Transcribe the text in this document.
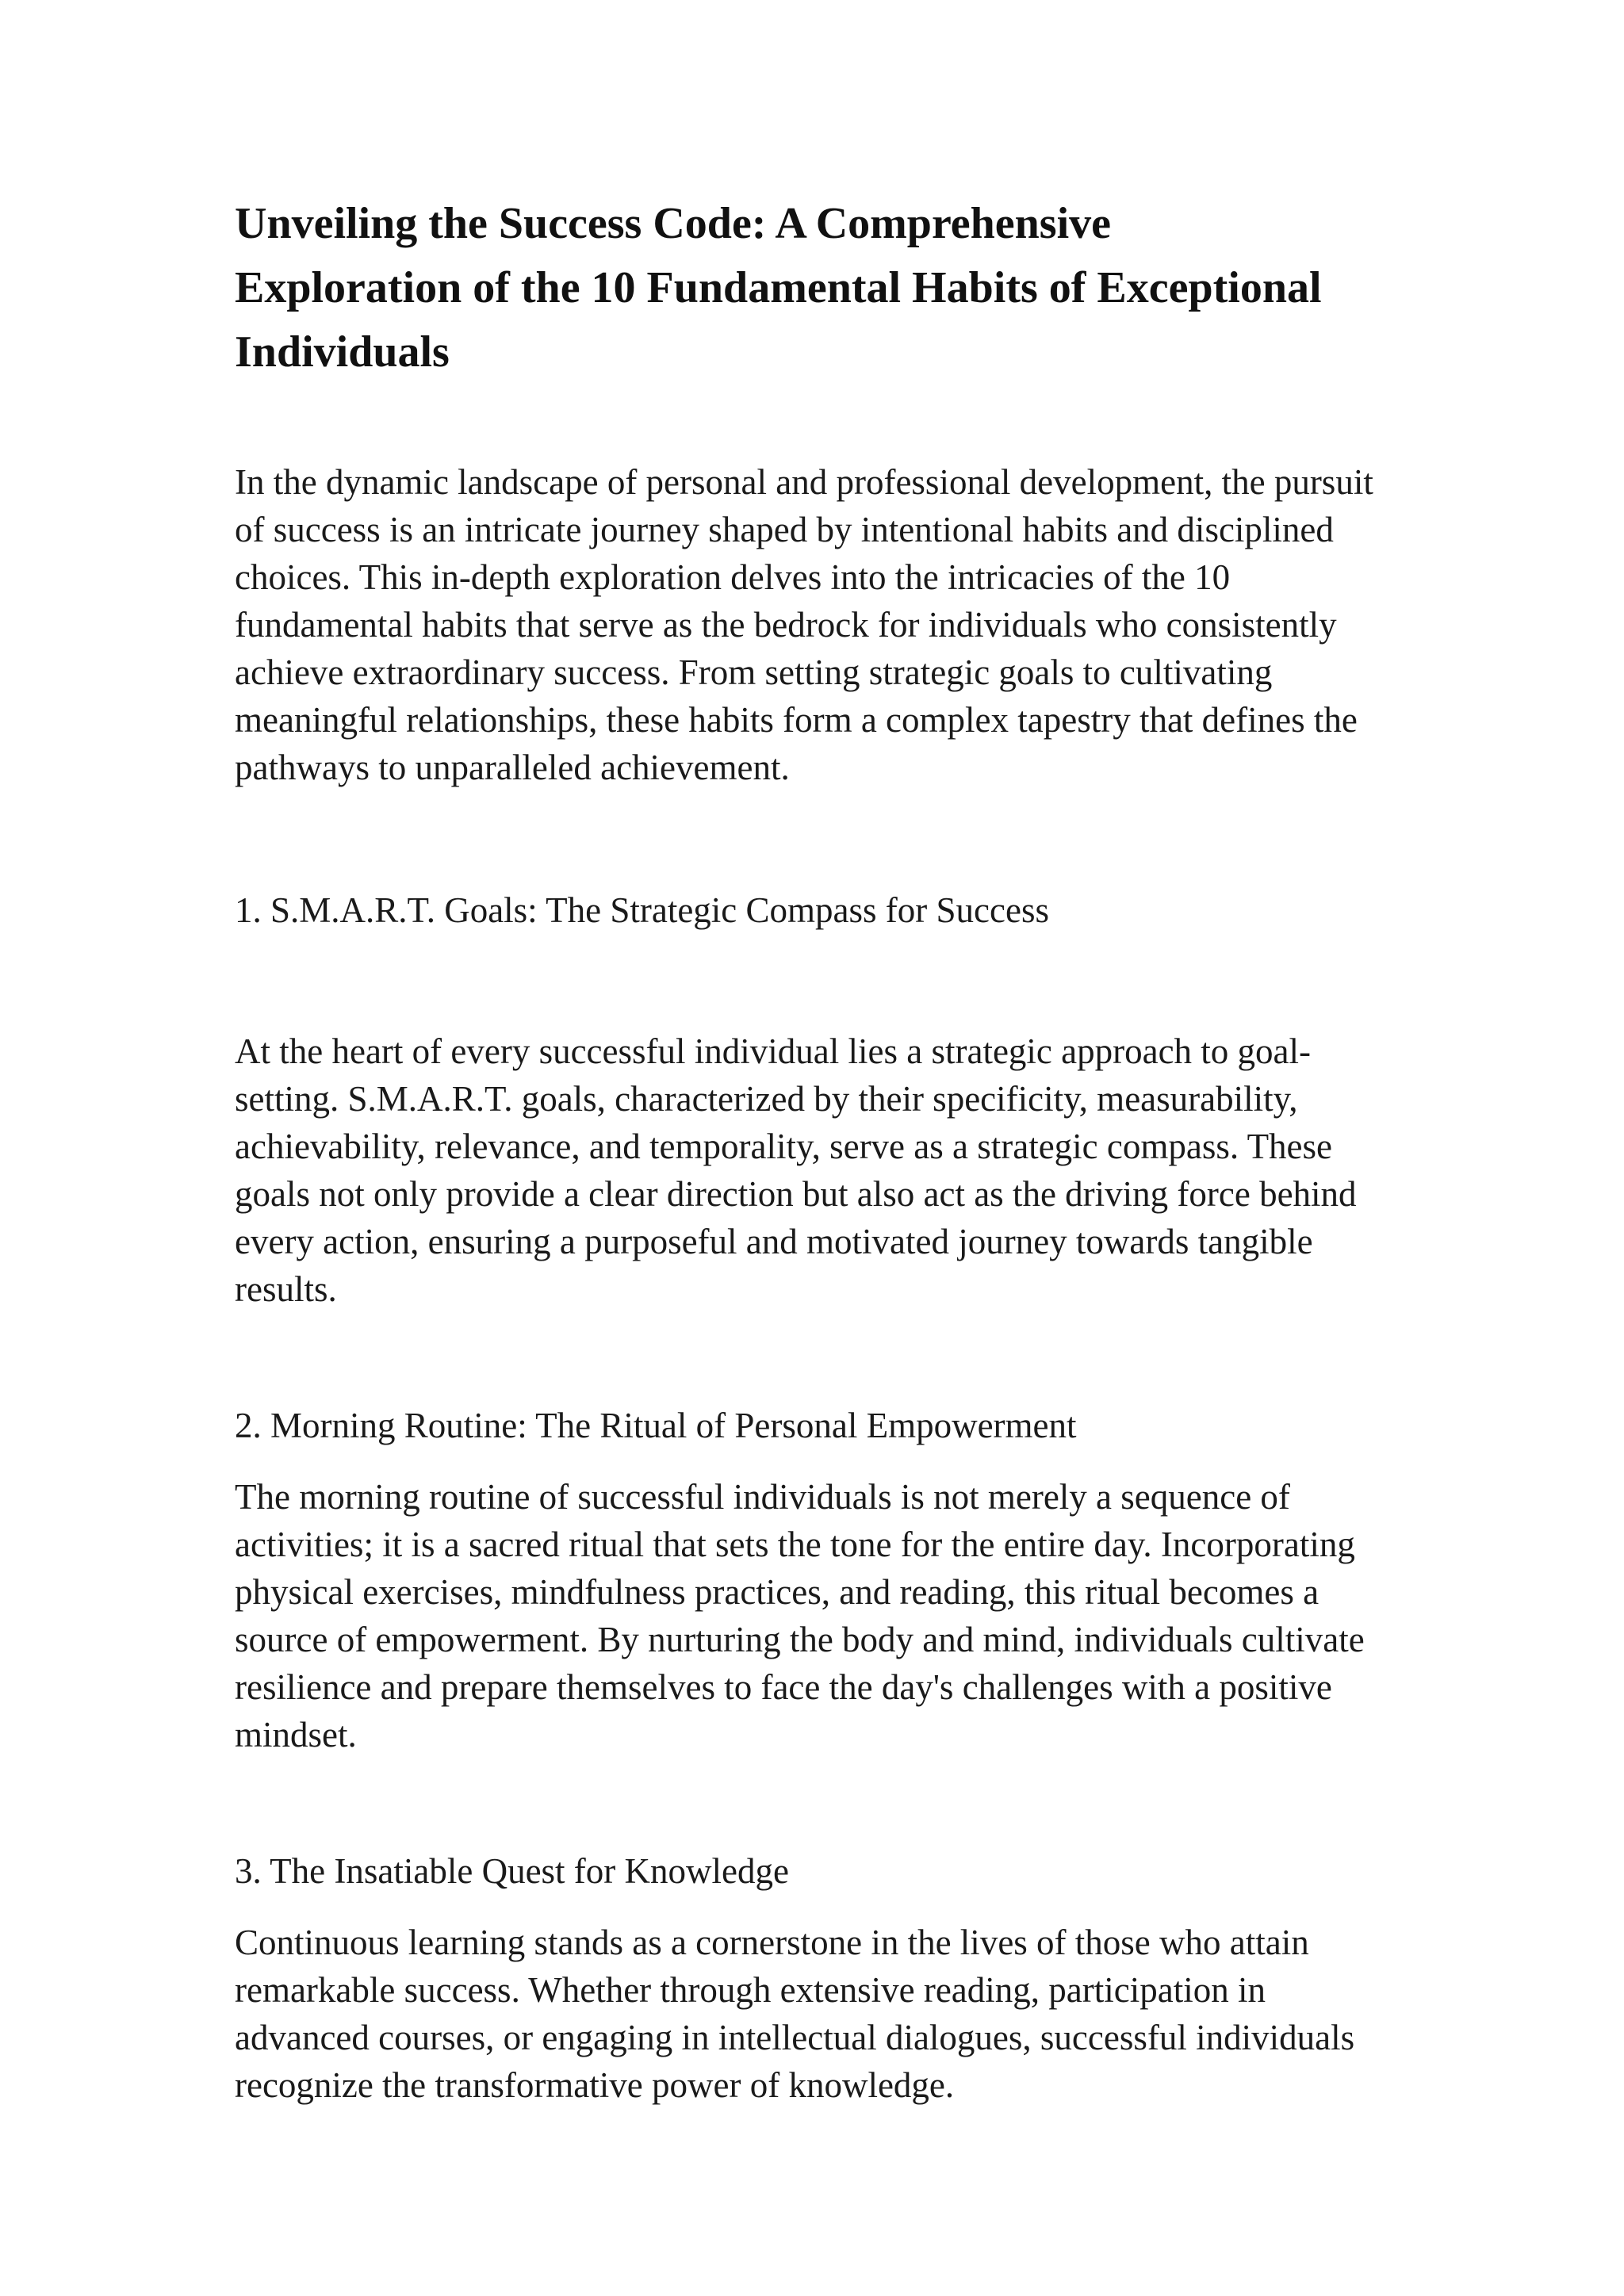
Unveiling the Success Code: A Comprehensive Exploration of the 10 Fundamental Habits of Exceptional Individuals

In the dynamic landscape of personal and professional development, the pursuit of success is an intricate journey shaped by intentional habits and disciplined choices. This in-depth exploration delves into the intricacies of the 10 fundamental habits that serve as the bedrock for individuals who consistently achieve extraordinary success. From setting strategic goals to cultivating meaningful relationships, these habits form a complex tapestry that defines the pathways to unparalleled achievement.

1. S.M.A.R.T. Goals: The Strategic Compass for Success

At the heart of every successful individual lies a strategic approach to goal-setting. S.M.A.R.T. goals, characterized by their specificity, measurability, achievability, relevance, and temporality, serve as a strategic compass. These goals not only provide a clear direction but also act as the driving force behind every action, ensuring a purposeful and motivated journey towards tangible results.

2. Morning Routine: The Ritual of Personal Empowerment

The morning routine of successful individuals is not merely a sequence of activities; it is a sacred ritual that sets the tone for the entire day. Incorporating physical exercises, mindfulness practices, and reading, this ritual becomes a source of empowerment. By nurturing the body and mind, individuals cultivate resilience and prepare themselves to face the day's challenges with a positive mindset.

3. The Insatiable Quest for Knowledge

Continuous learning stands as a cornerstone in the lives of those who attain remarkable success. Whether through extensive reading, participation in advanced courses, or engaging in intellectual dialogues, successful individuals recognize the transformative power of knowledge.
